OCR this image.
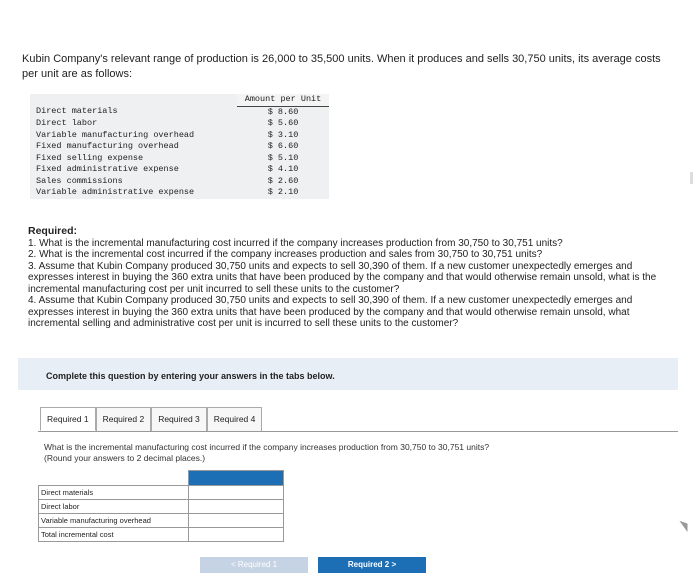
Kubin Company's relevant range of production is 26,000 to 35,500 units. When it produces and sells 30,750 units, its average costs per unit are as follows:
	Amount per Unit
Direct materials	$ 8.60
Direct labor	$ 5.60
Variable manufacturing overhead	$ 3.10
Fixed manufacturing overhead	$ 6.60
Fixed selling expense	$ 5.10
Fixed administrative expense	$ 4.10
Sales commissions	$ 2.60
Variable administrative expense	$ 2.10
Required:
1. What is the incremental manufacturing cost incurred if the company increases production from 30,750 to 30,751 units?
2. What is the incremental cost incurred if the company increases production and sales from 30,750 to 30,751 units?
3. Assume that Kubin Company produced 30,750 units and expects to sell 30,390 of them. If a new customer unexpectedly emerges and expresses interest in buying the 360 extra units that have been produced by the company and that would otherwise remain unsold, what is the incremental manufacturing cost per unit incurred to sell these units to the customer?
4. Assume that Kubin Company produced 30,750 units and expects to sell 30,390 of them. If a new customer unexpectedly emerges and expresses interest in buying the 360 extra units that have been produced by the company and that would otherwise remain unsold, what incremental selling and administrative cost per unit is incurred to sell these units to the customer?
Complete this question by entering your answers in the tabs below.
Required 1	Required 2	Required 3	Required 4
What is the incremental manufacturing cost incurred if the company increases production from 30,750 to 30,751 units?
(Round your answers to 2 decimal places.)

Direct materials	
Direct labor	
Variable manufacturing overhead	
Total incremental cost	
< Required 1	Required 2 >
